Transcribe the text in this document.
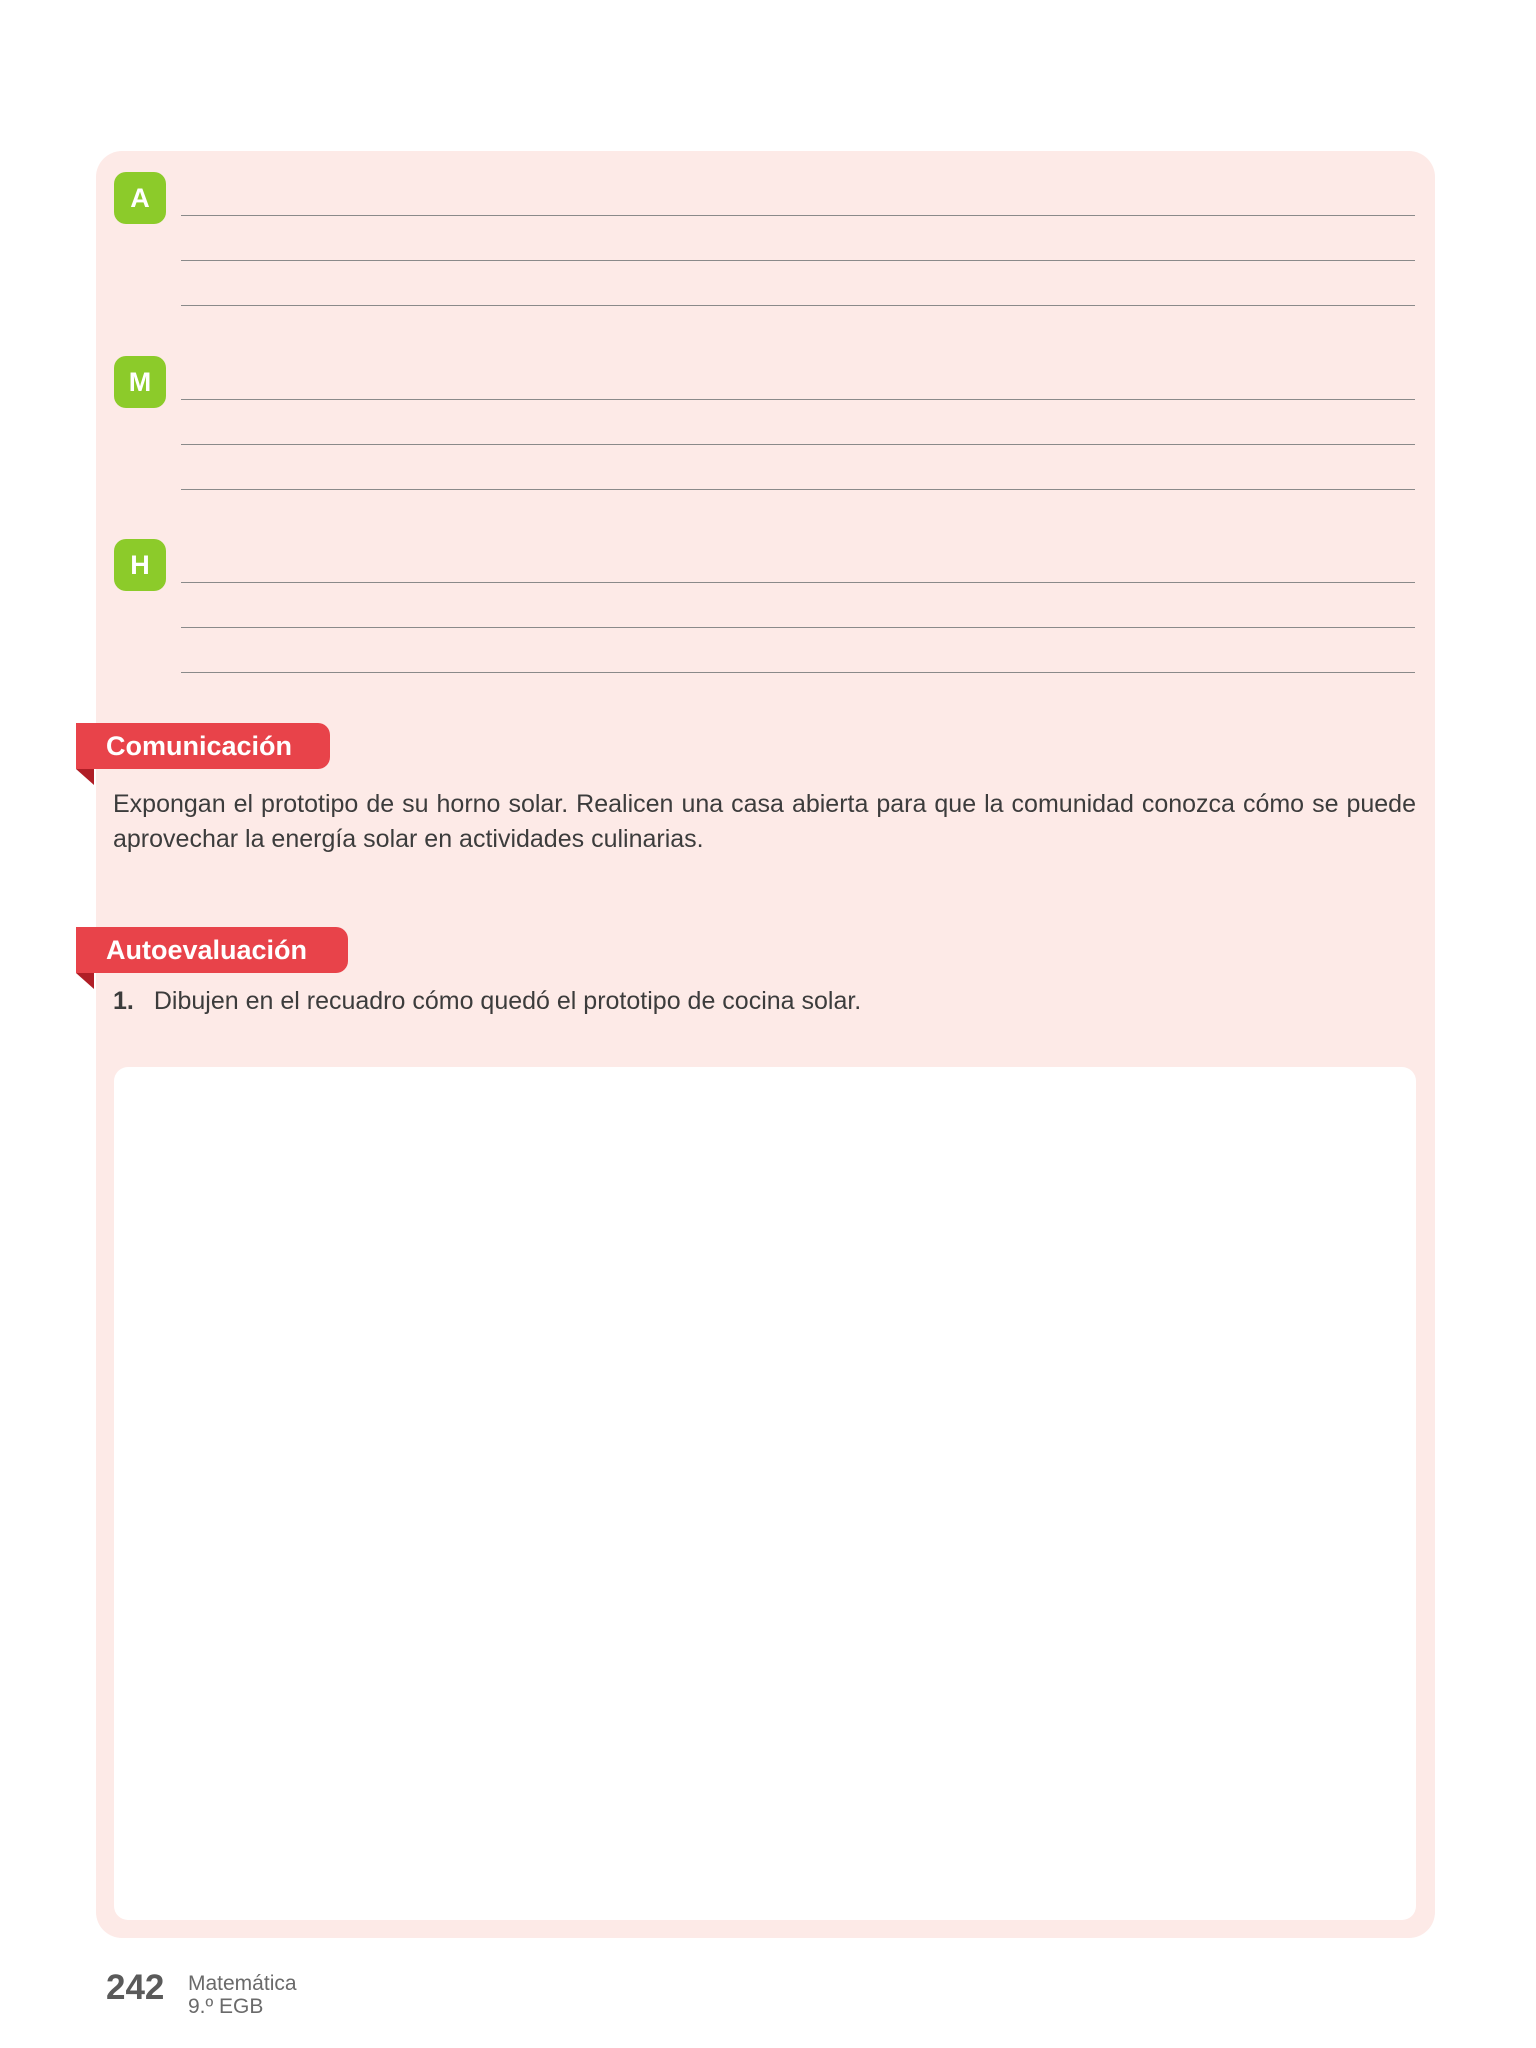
A
M
H
Comunicación
Expongan el prototipo de su horno solar. Realicen una casa abierta para que la comunidad conozca cómo se puede aprovechar la energía solar en actividades culinarias.
Autoevaluación
1. Dibujen en el recuadro cómo quedó el prototipo de cocina solar.
242 Matemática
9.º EGB
